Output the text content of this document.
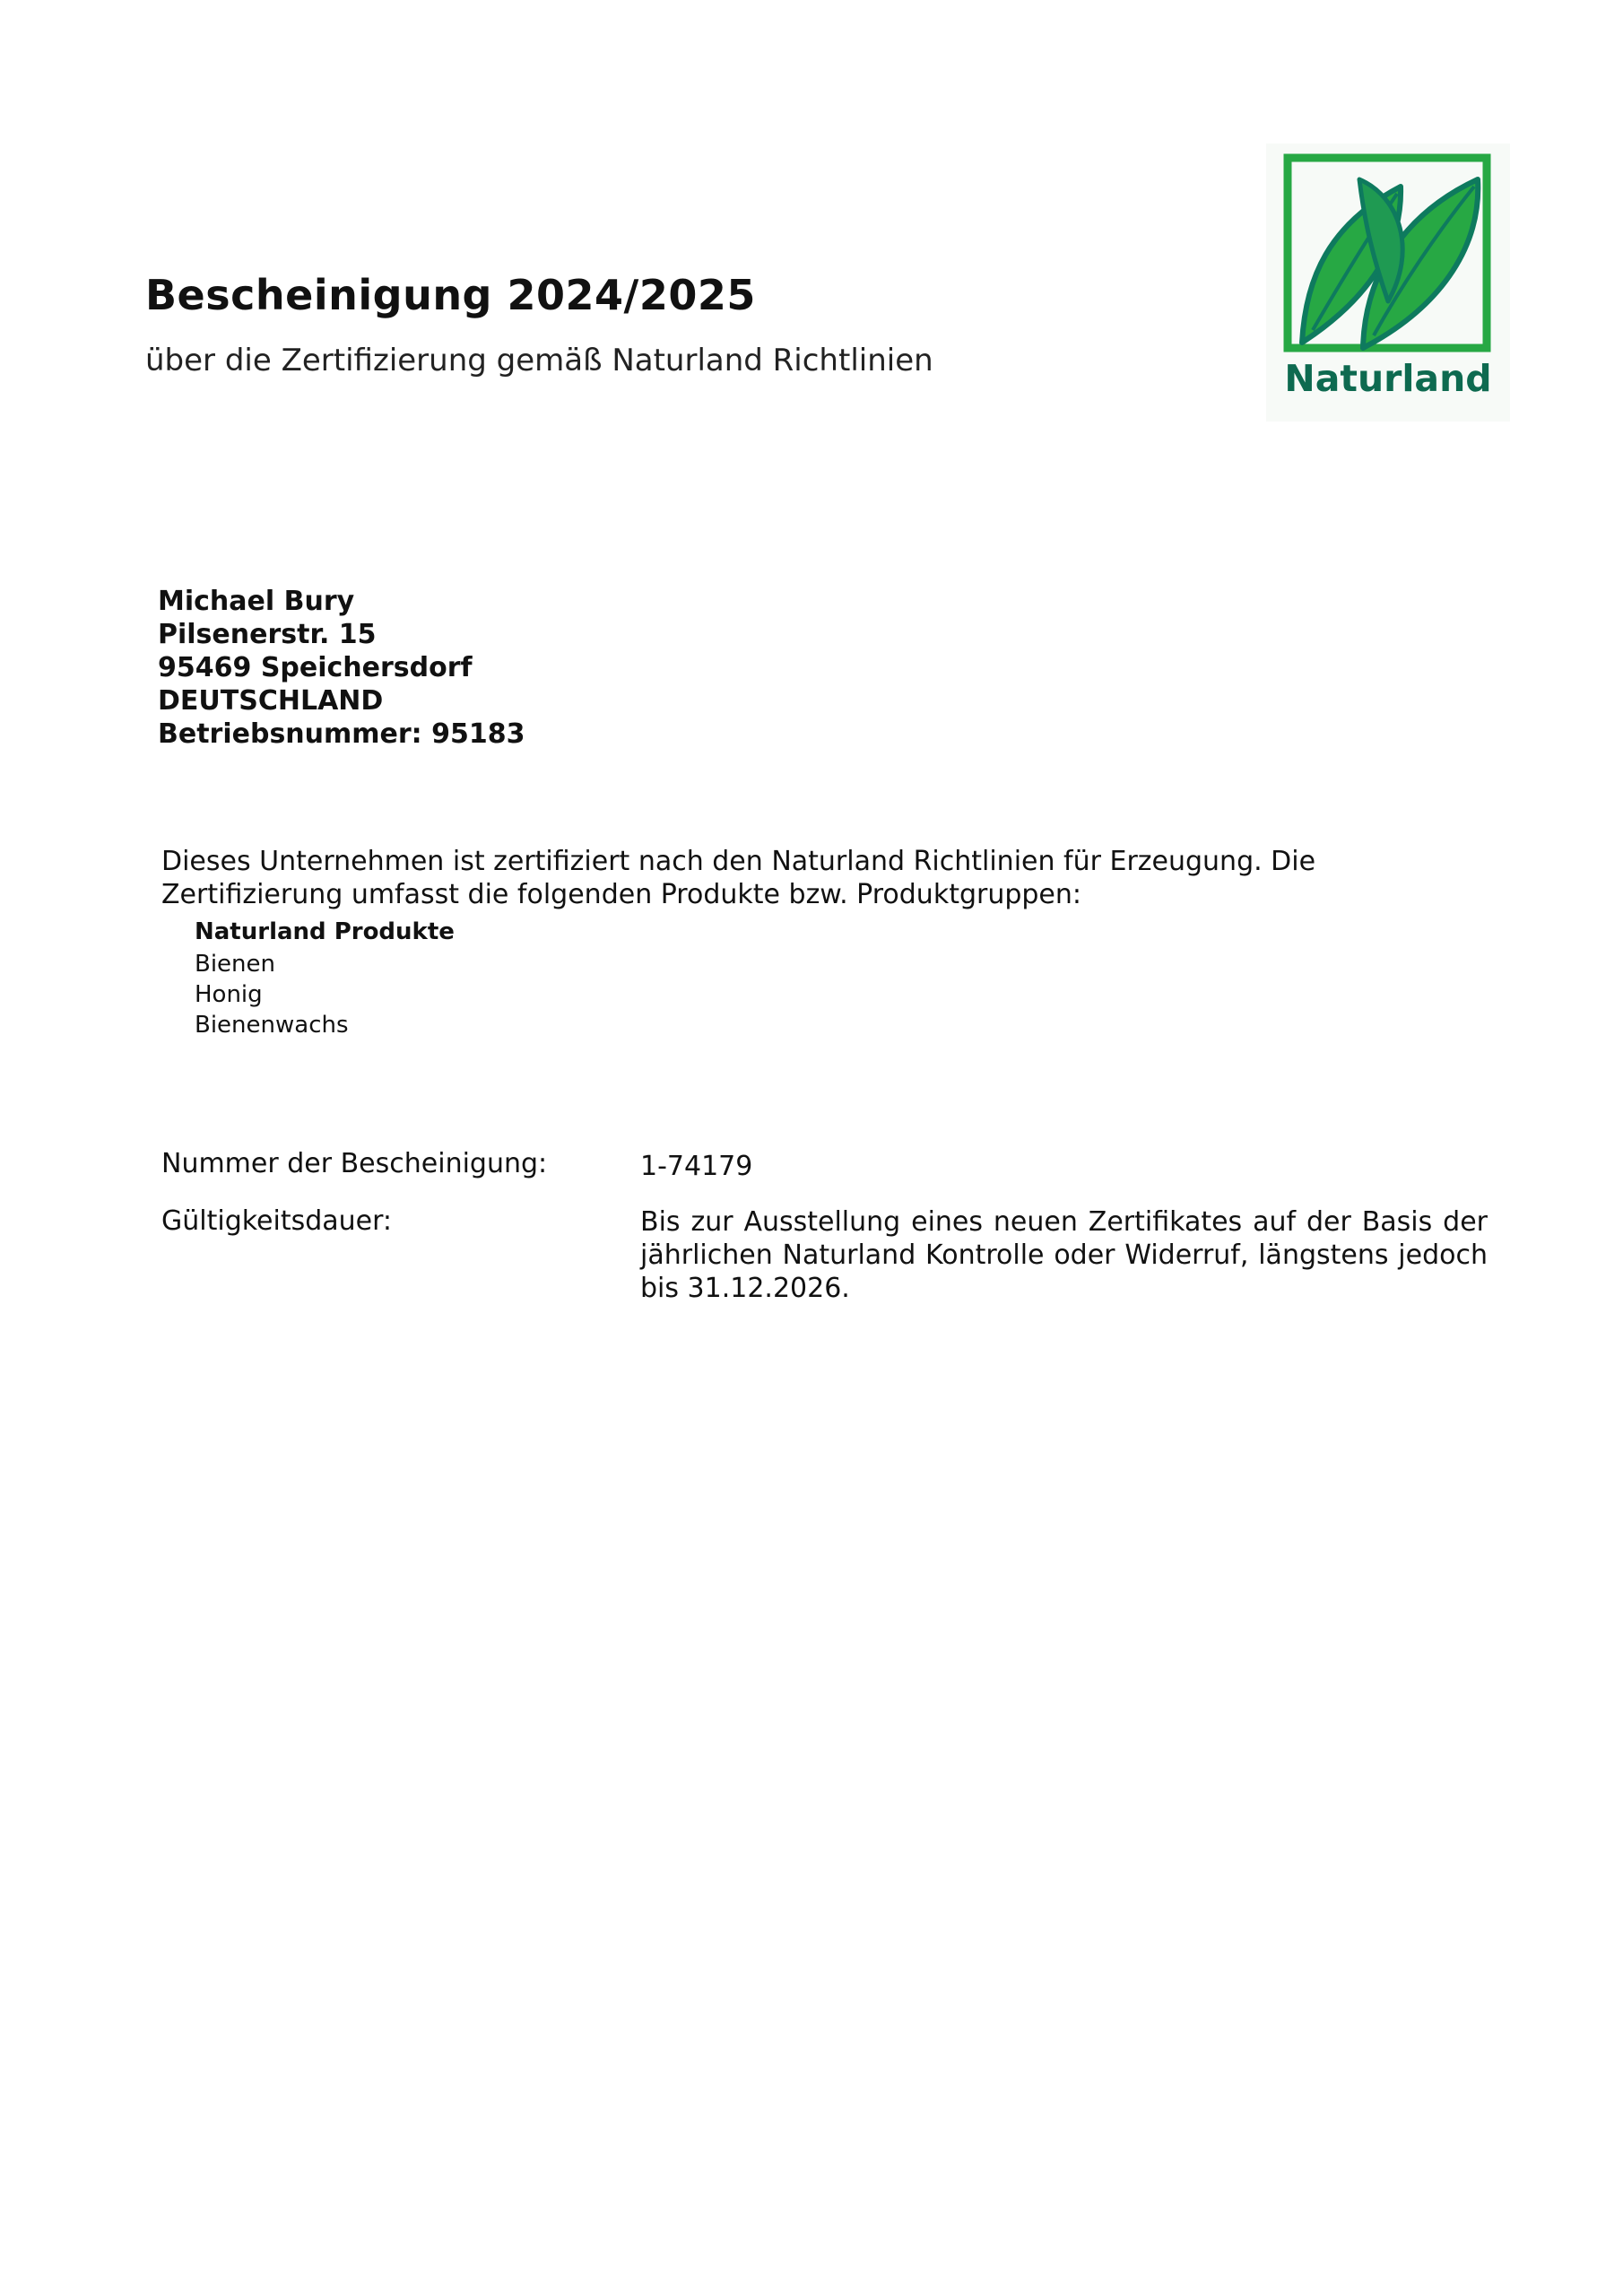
Bescheinigung 2024/2025
über die Zertifizierung gemäß Naturland Richtlinien	Naturland
Michael Bury
Pilsenerstr. 15
95469 Speichersdorf
DEUTSCHLAND
Betriebsnummer: 95183

Dieses Unternehmen ist zertifiziert nach den Naturland Richtlinien für Erzeugung. Die Zertifizierung umfasst die folgenden Produkte bzw. Produktgruppen:

Naturland Produkte
Bienen
Honig
Bienenwachs
Nummer der Bescheinigung:	1-74179
Gültigkeitsdauer:	Bis zur Ausstellung eines neuen Zertifikates auf der Basis der jährlichen Naturland Kontrolle oder Widerruf, längstens jedoch bis 31.12.2026.
